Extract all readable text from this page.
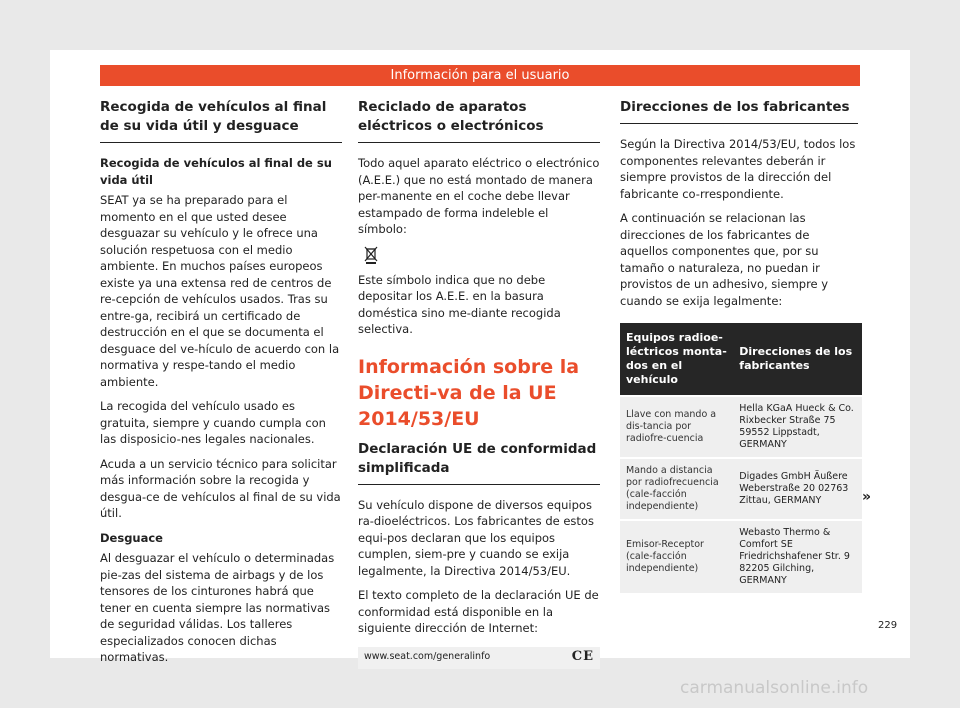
Información para el usuario
Recogida de vehículos al final de su vida útil y desguace
Recogida de vehículos al final de su vida útil

SEAT ya se ha preparado para el momento en el que usted desee desguazar su vehículo y le ofrece una solución respetuosa con el medio ambiente. En muchos países europeos existe ya una extensa red de centros de re-cepción de vehículos usados. Tras su entre-ga, recibirá un certificado de destrucción en el que se documenta el desguace del ve-hículo de acuerdo con la normativa y respe-tando el medio ambiente.

La recogida del vehículo usado es gratuita, siempre y cuando cumpla con las disposicio-nes legales nacionales.

Acuda a un servicio técnico para solicitar más información sobre la recogida y desgua-ce de vehículos al final de su vida útil.

Desguace

Al desguazar el vehículo o determinadas pie-zas del sistema de airbags y de los tensores de los cinturones habrá que tener en cuenta siempre las normativas de seguridad válidas. Los talleres especializados conocen dichas normativas.

Reciclado de aparatos eléctricos o electrónicos

Todo aquel aparato eléctrico o electrónico (A.E.E.) que no está montado de manera per-manente en el coche debe llevar estampado de forma indeleble el símbolo:

Este símbolo indica que no debe depositar los A.E.E. en la basura doméstica sino me-diante recogida selectiva.

Información sobre la Directi-va de la UE 2014/53/EU
Declaración UE de conformidad simplificada

Su vehículo dispone de diversos equipos ra-dioeléctricos. Los fabricantes de estos equi-pos declaran que los equipos cumplen, siem-pre y cuando se exija legalmente, la Directiva 2014/53/EU.

El texto completo de la declaración UE de conformidad está disponible en la siguiente dirección de Internet:

www.seat.com/generalinfo	CE
Direcciones de los fabricantes

Según la Directiva 2014/53/EU, todos los componentes relevantes deberán ir siempre provistos de la dirección del fabricante co-rrespondiente.

A continuación se relacionan las direcciones de los fabricantes de aquellos componentes que, por su tamaño o naturaleza, no puedan ir provistos de un adhesivo, siempre y cuando se exija legalmente:

Equipos radioe-léctricos monta-dos en el vehículo	Direcciones de los fabricantes
Llave con mando a dis-tancia por radiofre-cuencia	Hella KGaA Hueck & Co. Rixbecker Straße 75 59552 Lippstadt, GERMANY
Mando a distancia por radiofrecuencia (cale-facción independiente)	Digades GmbH Äußere Weberstraße 20 02763 Zittau, GERMANY
Emisor-Receptor (cale-facción independiente)	Webasto Thermo & Comfort SE Friedrichshafener Str. 9 82205 Gilching, GERMANY
»
229
carmanualsonline.info
